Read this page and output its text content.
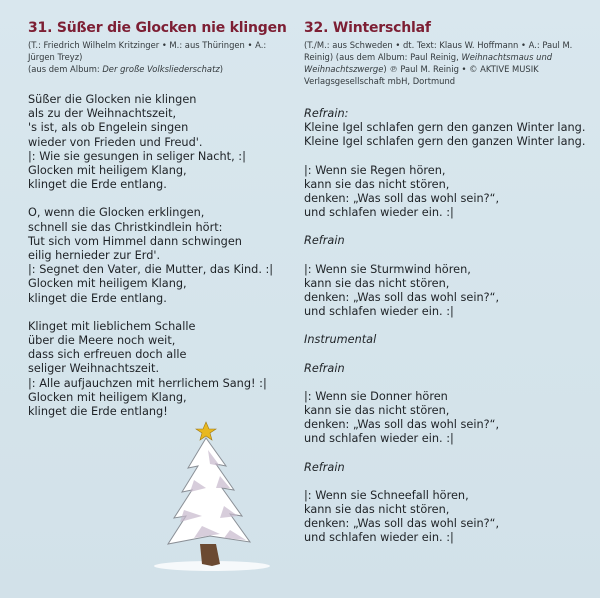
31. Süßer die Glocken nie klingen

(T.: Friedrich Wilhelm Kritzinger • M.: aus Thüringen • A.: Jürgen Treyz)

(aus dem Album: Der große Volksliederschatz)

Süßer die Glocken nie klingen
als zu der Weihnachtszeit,
's ist, als ob Engelein singen
wieder von Frieden und Freud'.
|: Wie sie gesungen in seliger Nacht, :|
Glocken mit heiligem Klang,
klinget die Erde entlang.
O, wenn die Glocken erklingen,
schnell sie das Christkindlein hört:
Tut sich vom Himmel dann schwingen
eilig hernieder zur Erd'.
|: Segnet den Vater, die Mutter, das Kind. :|
Glocken mit heiligem Klang,
klinget die Erde entlang.
Klinget mit lieblichem Schalle
über die Meere noch weit,
dass sich erfreuen doch alle
seliger Weihnachtszeit.
|: Alle aufjauchzen mit herrlichem Sang! :|
Glocken mit heiligem Klang,
klinget die Erde entlang!
32. Winterschlaf

(T./M.: aus Schweden • dt. Text: Klaus W. Hoffmann • A.: Paul M. Reinig) (aus dem Album: Paul Reinig, Weihnachtsmaus und Weihnachtszwerge) ℗ Paul M. Reinig • © AKTIVE MUSIK Verlagsgesellschaft mbH, Dortmund

Refrain:
Kleine Igel schlafen gern den ganzen Winter lang.
Kleine Igel schlafen gern den ganzen Winter lang.
|: Wenn sie Regen hören,
kann sie das nicht stören,
denken: „Was soll das wohl sein?“,
und schlafen wieder ein. :|
Refrain
|: Wenn sie Sturmwind hören,
kann sie das nicht stören,
denken: „Was soll das wohl sein?“,
und schlafen wieder ein. :|
Instrumental
Refrain
|: Wenn sie Donner hören
kann sie das nicht stören,
denken: „Was soll das wohl sein?“,
und schlafen wieder ein. :|
Refrain
|: Wenn sie Schneefall hören,
kann sie das nicht stören,
denken: „Was soll das wohl sein?“,
und schlafen wieder ein. :|
